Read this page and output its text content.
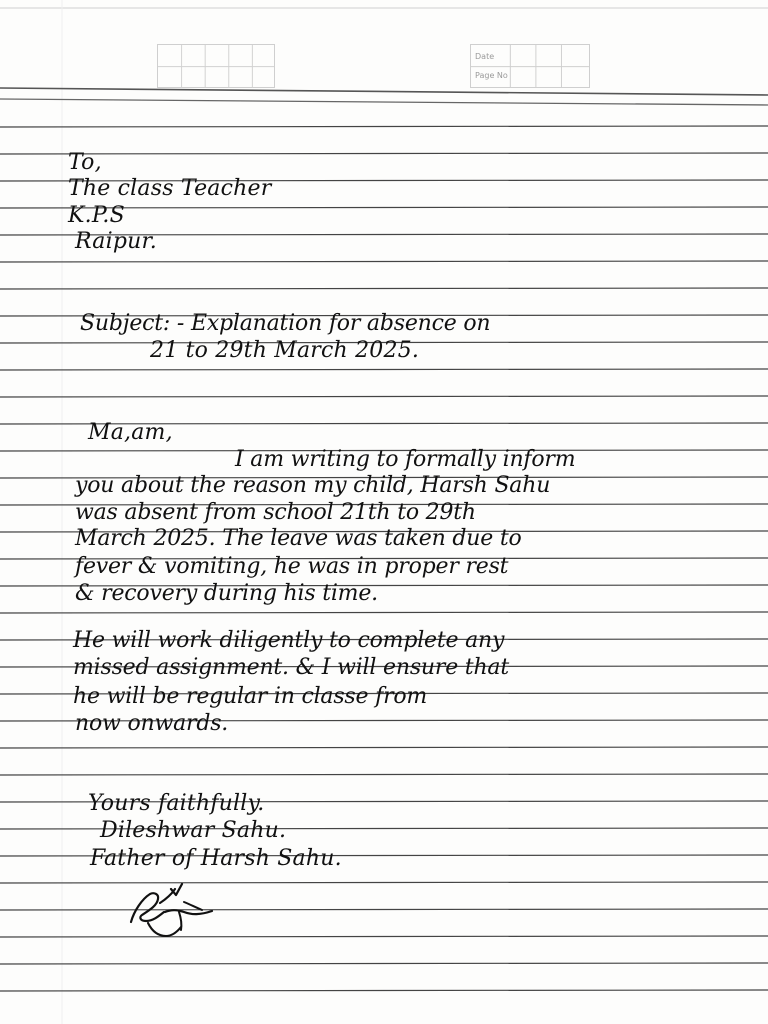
Date
Page No

To,

The class Teacher

K.P.S

Raipur.

Subject: - Explanation for absence on

21 to 29th March 2025.

Ma,am,

I am writing to formally inform

you about the reason my child, Harsh Sahu

was absent from school 21th to 29th

March 2025. The leave was taken due to

fever & vomiting, he was in proper rest

& recovery during his time.

He will work diligently to complete any

missed assignment. & I will ensure that

he will be regular in classe from

now onwards.

Yours faithfully.

Dileshwar Sahu.

Father of Harsh Sahu.
